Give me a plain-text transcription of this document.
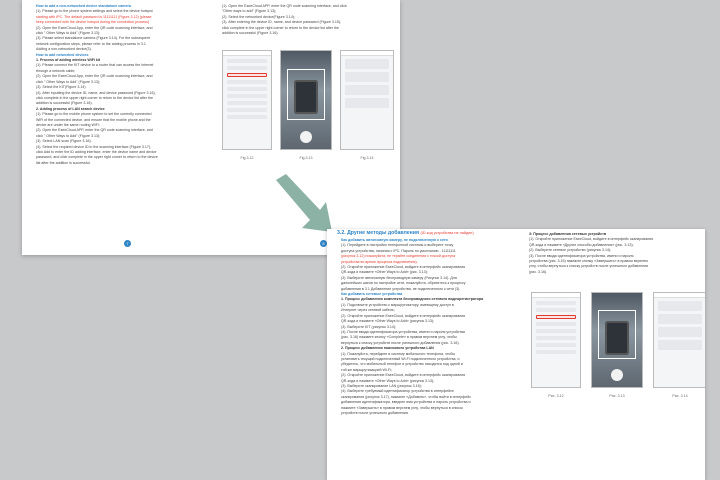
How to add a non-networked device standalone camera

(1). Please go to the phone system settings and select the device hotspot

starting with IPC. The default password is 11111111 (Figure 3.12) (please

keep connected with the device hotspot during the connection process)

(2). Open the EseeCloud App, enter the QR code scanning interface, and

click " Other Ways to Add" (Figure 3.13);

(3). Please select standalone camera (Figure 3.14). For the subsequent

network configuration steps, please refer to the adding process in 3.1

Adding a non-networked device(3).

How to add networked devices

1. Process of adding wireless WiFi kit

(1). Please connect the KIT device to a router that can access the Internet

through a network cable;

(2). Open the EseeCloud App, enter the QR code scanning interface, and

click " Other Ways to Add" (Figure 3.13);

(3). Select the KIT(Figure 3.14)

(4). After inputting the device ID, name, and device password (Figure 3.16),

click complete in the upper right corner to return to the device list after the

addition is successful (Figure 3.16).

2. Adding process of LAN search device

(1). Please go to the mobile phone system to set the currently connected

WiFi of the connected device, and ensure that the mobile phone and the

device are under the same routing WiFi;

(2). Open the EseeCloud APP, enter the QR code scanning interface, and

click " Other Ways to Add" (Figure 3.13);

(3). Select LAN scan (Figure 3.16);

(4). Select the required device ID in the scanning interface (Figure 3.17),

click Add to enter the ID adding interface, enter the device name and device

password, and click complete in the upper right corner to return to the device

list after the addition is successful.

(1). Open the EseeCloud APP, enter the QR code scanning interface, and click

"Other ways to add" (Figure 3.13);

(2). Select the networked device(Figure 3.14);

(3). After entering the device ID, name, and device password (Figure 3.15),

click complete in the upper right corner to return to the device list after the

addition is successful (Figure 3.16).

Fig.3.12	Fig.3.13	Fig.3.14
7	8
3.2. Другие методы добавления (ID-код устройства не найден)

Как добавить автономную камеру, не подключенную к сети

(1). Перейдите в настройки телефонной системы и выберите точку

доступа устройства, начиная с IPC. Пароль по умолчанию - 11111111

(рисунок 3.12) пожалуйста, не теряйте соединения с точкой доступа

устройства во время процесса подключения);

(2). Откройте приложение EseeCloud, войдите в интерфейс сканирования

QR-кода и нажмите «Other Ways to Add» (рис. 3.13);

(3). Выберите автономную беспроводную камеру (Рисунок 3.14). Для

дальнейших шагов по настройке сети, пожалуйста, обратитесь к процессу

добавления в 3.1 Добавление устройства, не подключенного к сети (3).

Как добавить сетевые устройства

1. Процесс добавления комплекта беспроводного сетевого видеорегистратора

(1). Подключите устройство к маршрутизатору, имеющему доступ в

Интернет через сетевой кабель;

(2). Откройте приложение EseeCloud, войдите в интерфейс сканирования

QR-кода и нажмите «Other Ways to Add» (рисунок 3.13);

(3). Выберите KIT (рисунок 3.14);

(4). После ввода идентификатора устройства, имени и пароля устройства

(рис. 3.16) нажмите кнопку «Complete» в правом верхнем углу, чтобы

вернуться к списку устройств после успешного добавления (рис. 3.16).

2. Процесс добавления поискового устройства LAN

(1). Пожалуйста, перейдите в систему мобильного телефона, чтобы

установить текущий подключенный Wi-Fi подключенного устройства, и

убедитесь, что мобильный телефон и устройство находятся под одной и

той же маршрутизацией Wi-Fi;

(2). Откройте приложение EseeCloud, войдите в интерфейс сканирования

QR-кода и нажмите «Other Ways to Add» (рисунок 3.13);

(3). Выберите сканирование LAN (рисунок 3.16);

(4). Выберите требуемый идентификатор устройства в интерфейсе

сканирования (рисунок 3.17), нажмите «Добавить», чтобы войти в интерфейс

добавления идентификатора, введите имя устройства и пароль устройства и

нажмите «Завершить» в правом верхнем углу, чтобы вернуться в список

устройств после успешного добавления

3: Процесс добавления сетевых устройств

(1). Откройте приложение EseeCloud, войдите в интерфейс сканирования

QR-кода и нажмите «Другие способы добавления» (рис. 3.13);

(2). Выберите сетевое устройство (рисунок 3.14);

(3). После ввода идентификатора устройства, имени и пароля

устройства (рис. 3.15) нажмите кнопку «Завершить» в правом верхнем

углу, чтобы вернуться к списку устройств после успешного добавления

(рис. 3.16).

Рис. 3.12	Рис. 3.13	Рис. 3.14
